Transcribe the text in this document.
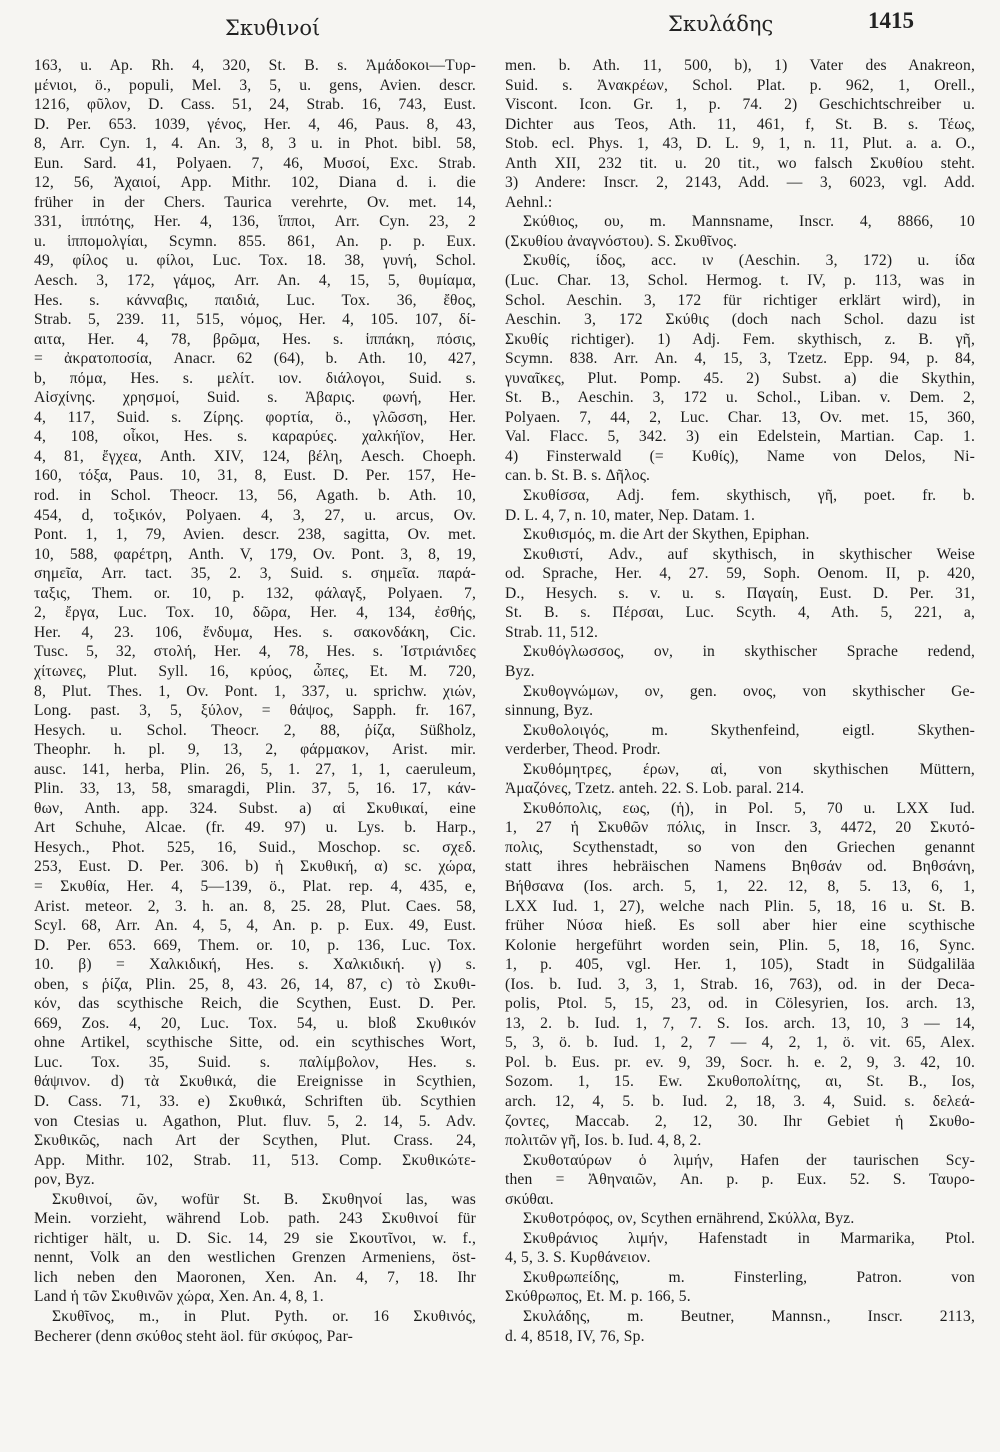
Σκυθινοί	Σκυλάδης	1415
163, u. Ap. Rh. 4, 320, St. B. s. Ἀμάδοκοι—Τυρ-
μένιοι, ö., populi, Mel. 3, 5, u. gens, Avien. descr.
1216, φῦλον, D. Cass. 51, 24, Strab. 16, 743, Eust.
D. Per. 653. 1039, γένος, Her. 4, 46, Paus. 8, 43,
8, Arr. Cyn. 1, 4. An. 3, 8, 3 u. in Phot. bibl. 58,
Eun. Sard. 41, Polyaen. 7, 46, Μυσοί, Exc. Strab.
12, 56, Ἀχαιοί, App. Mithr. 102, Diana d. i. die
früher in der Chers. Taurica verehrte, Ov. met. 14,
331, ἱππότης, Her. 4, 136, ἵπποι, Arr. Cyn. 23, 2
u. ἱππομολγίαι, Scymn. 855. 861, An. p. p. Eux.
49, φίλος u. φίλοι, Luc. Tox. 18. 38, γυνή, Schol.
Aesch. 3, 172, γάμος, Arr. An. 4, 15, 5, θυμίαμα,
Hes. s. κάνναβις, παιδιά, Luc. Tox. 36, ἔθος,
Strab. 5, 239. 11, 515, νόμος, Her. 4, 105. 107, δί-
αιτα, Her. 4, 78, βρῶμα, Hes. s. ἱππάκη, πόσις,
= ἀκρατοποσία, Anacr. 62 (64), b. Ath. 10, 427,
b, πόμα, Hes. s. μελίτ. ιον. διάλογοι, Suid. s.
Αἰσχίνης. χρησμοί, Suid. s. Ἀβαρις. φωνή, Her.
4, 117, Suid. s. Ζίρης. φορτία, ö., γλῶσση, Her.
4, 108, οἶκοι, Hes. s. καραρύες. χαλκήϊον, Her.
4, 81, ἔγχεα, Anth. XIV, 124, βέλη, Aesch. Choeph.
160, τόξα, Paus. 10, 31, 8, Eust. D. Per. 157, He-
rod. in Schol. Theocr. 13, 56, Agath. b. Ath. 10,
454, d, τοξικόν, Polyaen. 4, 3, 27, u. arcus, Ov.
Pont. 1, 1, 79, Avien. descr. 238, sagitta, Ov. met.
10, 588, φαρέτρη, Anth. V, 179, Ov. Pont. 3, 8, 19,
σημεῖα, Arr. tact. 35, 2. 3, Suid. s. σημεῖα. παρά-
ταξις, Them. or. 10, p. 132, φάλαγξ, Polyaen. 7,
2, ἔργα, Luc. Tox. 10, δῶρα, Her. 4, 134, ἐσθής,
Her. 4, 23. 106, ἔνδυμα, Hes. s. σακονδάκη, Cic.
Tusc. 5, 32, στολή, Her. 4, 78, Hes. s. Ἰστριάνιδες
χίτωνες, Plut. Syll. 16, κρύος, ὦπες, Et. M. 720,
8, Plut. Thes. 1, Ov. Pont. 1, 337, u. sprichw. χιών,
Long. past. 3, 5, ξύλον, = θάψος, Sapph. fr. 167,
Hesych. u. Schol. Theocr. 2, 88, ῥίζα, Süßholz,
Theophr. h. pl. 9, 13, 2, φάρμακον, Arist. mir.
ausc. 141, herba, Plin. 26, 5, 1. 27, 1, 1, caeruleum,
Plin. 33, 13, 58, smaragdi, Plin. 37, 5, 16. 17, κάν-
θων, Anth. app. 324. Subst. a) αἱ Σκυθικαί, eine
Art Schuhe, Alcae. (fr. 49. 97) u. Lys. b. Harp.,
Hesych., Phot. 525, 16, Suid., Moschop. sc. σχεδ.
253, Eust. D. Per. 306. b) ἡ Σκυθική, α) sc. χώρα,
= Σκυθία, Her. 4, 5—139, ö., Plat. rep. 4, 435, e,
Arist. meteor. 2, 3. h. an. 8, 25. 28, Plut. Caes. 58,
Scyl. 68, Arr. An. 4, 5, 4, An. p. p. Eux. 49, Eust.
D. Per. 653. 669, Them. or. 10, p. 136, Luc. Tox.
10. β) = Χαλκιδική, Hes. s. Χαλκιδική. γ) s.
oben, s ῥίζα, Plin. 25, 8, 43. 26, 14, 87, c) τὸ Σκυθι-
κόν, das scythische Reich, die Scythen, Eust. D. Per.
669, Zos. 4, 20, Luc. Tox. 54, u. bloß Σκυθικόν
ohne Artikel, scythische Sitte, od. ein scythisches Wort,
Luc. Tox. 35, Suid. s. παλίμβολον, Hes. s.
θάψινον. d) τὰ Σκυθικά, die Ereignisse in Scythien,
D. Cass. 71, 33. e) Σκυθικά, Schriften üb. Scythien
von Ctesias u. Agathon, Plut. fluv. 5, 2. 14, 5. Adv.
Σκυθικῶς, nach Art der Scythen, Plut. Crass. 24,
App. Mithr. 102, Strab. 11, 513. Comp. Σκυθικώτε-
ρον, Byz.
Σκυθινοί, ῶν, wofür St. B. Σκυθηνοί las, was
Mein. vorzieht, während Lob. path. 243 Σκυθινοί für
richtiger hält, u. D. Sic. 14, 29 sie Σκουτῖνοι, w. f.,
nennt, Volk an den westlichen Grenzen Armeniens, öst-
lich neben den Maoronen, Xen. An. 4, 7, 18. Ihr
Land ἡ τῶν Σκυθινῶν χώρα, Xen. An. 4, 8, 1.
Σκυθῖνος, m., in Plut. Pyth. or. 16 Σκυθινός,
Becherer (denn σκύθος steht äol. für σκύφος, Par-
men. b. Ath. 11, 500, b), 1) Vater des Anakreon,
Suid. s. Ἀνακρέων, Schol. Plat. p. 962, 1, Orell.,
Viscont. Icon. Gr. 1, p. 74. 2) Geschichtschreiber u.
Dichter aus Teos, Ath. 11, 461, f, St. B. s. Τέως,
Stob. ecl. Phys. 1, 43, D. L. 9, 1, n. 11, Plut. a. a. O.,
Anth XII, 232 tit. u. 20 tit., wo falsch Σκυθίου steht.
3) Andere: Inscr. 2, 2143, Add. — 3, 6023, vgl. Add.
Aehnl.:
Σκύθιος, ου, m. Mannsname, Inscr. 4, 8866, 10
(Σκυθίου ἀναγνόστου). S. Σκυθῖνος.
Σκυθίς, ίδος, acc. ιν (Aeschin. 3, 172) u. ίδα
(Luc. Char. 13, Schol. Hermog. t. IV, p. 113, was in
Schol. Aeschin. 3, 172 für richtiger erklärt wird), in
Aeschin. 3, 172 Σκύθις (doch nach Schol. dazu ist
Σκυθίς richtiger). 1) Adj. Fem. skythisch, z. B. γῆ,
Scymn. 838. Arr. An. 4, 15, 3, Tzetz. Epp. 94, p. 84,
γυναῖκες, Plut. Pomp. 45. 2) Subst. a) die Skythin,
St. B., Aeschin. 3, 172 u. Schol., Liban. v. Dem. 2,
Polyaen. 7, 44, 2, Luc. Char. 13, Ov. met. 15, 360,
Val. Flacc. 5, 342. 3) ein Edelstein, Martian. Cap. 1.
4) Finsterwald (= Κυθίς), Name von Delos, Ni-
can. b. St. B. s. Δῆλος.
Σκυθίσσα, Adj. fem. skythisch, γῆ, poet. fr. b.
D. L. 4, 7, n. 10, mater, Nep. Datam. 1.
Σκυθισμός, m. die Art der Skythen, Epiphan.
Σκυθιστί, Adv., auf skythisch, in skythischer Weise
od. Sprache, Her. 4, 27. 59, Soph. Oenom. II, p. 420,
D., Hesych. s. v. u. s. Παγαίη, Eust. D. Per. 31,
St. B. s. Πέρσαι, Luc. Scyth. 4, Ath. 5, 221, a,
Strab. 11, 512.
Σκυθόγλωσσος, ον, in skythischer Sprache redend,
Byz.
Σκυθογνώμων, ον, gen. ονος, von skythischer Ge-
sinnung, Byz.
Σκυθολοιγός, m. Skythenfeind, eigtl. Skythen-
verderber, Theod. Prodr.
Σκυθόμητρες, έρων, αἱ, von skythischen Müttern,
Ἀμαζόνες, Tzetz. anteh. 22. S. Lob. paral. 214.
Σκυθόπολις, εως, (ἡ), in Pol. 5, 70 u. LXX Iud.
1, 27 ἡ Σκυθῶν πόλις, in Inscr. 3, 4472, 20 Σκυτό-
πολις, Scythenstadt, so von den Griechen genannt
statt ihres hebräischen Namens Βηθσάν od. Βηθσάνη,
Βήθσανα (Ios. arch. 5, 1, 22. 12, 8, 5. 13, 6, 1,
LXX Iud. 1, 27), welche nach Plin. 5, 18, 16 u. St. B.
früher Νύσα hieß. Es soll aber hier eine scythische
Kolonie hergeführt worden sein, Plin. 5, 18, 16, Sync.
1, p. 405, vgl. Her. 1, 105), Stadt in Südgaliläa
(Ios. b. Iud. 3, 3, 1, Strab. 16, 763), od. in der Deca-
polis, Ptol. 5, 15, 23, od. in Cölesyrien, Ios. arch. 13,
13, 2. b. Iud. 1, 7, 7. S. Ios. arch. 13, 10, 3 — 14,
5, 3, ö. b. Iud. 1, 2, 7 — 4, 2, 1, ö. vit. 65, Alex.
Pol. b. Eus. pr. ev. 9, 39, Socr. h. e. 2, 9, 3. 42, 10.
Sozom. 1, 15. Ew. Σκυθοπολίτης, αι, St. B., Ios,
arch. 12, 4, 5. b. Iud. 2, 18, 3. 4, Suid. s. δελεά-
ζοντες, Maccab. 2, 12, 30. Ihr Gebiet ἡ Σκυθο-
πολιτῶν γῆ, Ios. b. Iud. 4, 8, 2.
Σκυθοταύρων ὁ λιμήν, Hafen der taurischen Scy-
then = Ἀθηναιῶν, An. p. p. Eux. 52. S. Ταυρο-
σκύθαι.
Σκυθοτρόφος, ον, Scythen ernährend, Σκύλλα, Byz.
Σκυθράνιος λιμήν, Hafenstadt in Marmarika, Ptol.
4, 5, 3. S. Κυρθάνειον.
Σκυθρωπείδης, m. Finsterling, Patron. von
Σκύθρωπος, Et. M. p. 166, 5.
Σκυλάδης, m. Beutner, Mannsn., Inscr. 2113,
d. 4, 8518, IV, 76, Sp.
